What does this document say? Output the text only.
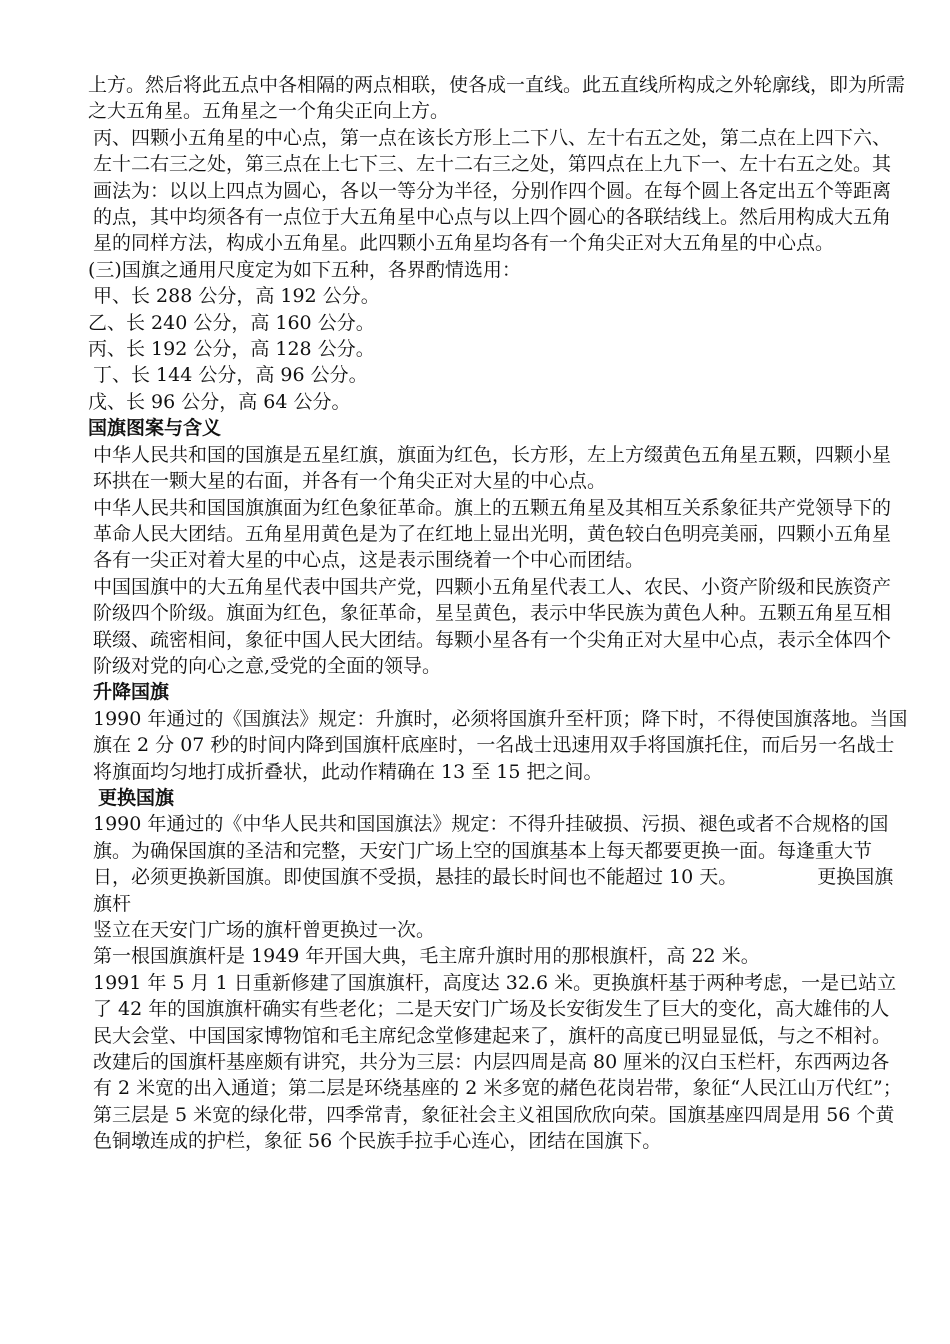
上方。然后将此五点中各相隔的两点相联，使各成一直线。此五直线所构成之外轮廓线，即为所需之大五角星。五角星之一个角尖正向上方。

丙、四颗小五角星的中心点，第一点在该长方形上二下八、左十右五之处，第二点在上四下六、左十二右三之处，第三点在上七下三、左十二右三之处，第四点在上九下一、左十右五之处。其画法为：以以上四点为圆心，各以一等分为半径，分别作四个圆。在每个圆上各定出五个等距离的点，其中均须各有一点位于大五角星中心点与以上四个圆心的各联结线上。然后用构成大五角星的同样方法，构成小五角星。此四颗小五角星均各有一个角尖正对大五角星的中心点。

(三)国旗之通用尺度定为如下五种，各界酌情选用：

甲、长 288 公分，高 192 公分。

乙、长 240 公分，高 160 公分。

丙、长 192 公分，高 128 公分。

丁、长 144 公分，高 96 公分。

戊、长 96 公分，高 64 公分。

国旗图案与含义

中华人民共和国的国旗是五星红旗，旗面为红色，长方形，左上方缀黄色五角星五颗，四颗小星环拱在一颗大星的右面，并各有一个角尖正对大星的中心点。

中华人民共和国国旗旗面为红色象征革命。旗上的五颗五角星及其相互关系象征共产党领导下的革命人民大团结。五角星用黄色是为了在红地上显出光明，黄色较白色明亮美丽，四颗小五角星各有一尖正对着大星的中心点，这是表示围绕着一个中心而团结。

中国国旗中的大五角星代表中国共产党，四颗小五角星代表工人、农民、小资产阶级和民族资产阶级四个阶级。旗面为红色，象征革命，星呈黄色，表示中华民族为黄色人种。五颗五角星互相联缀、疏密相间，象征中国人民大团结。每颗小星各有一个尖角正对大星中心点，表示全体四个阶级对党的向心之意,受党的全面的领导。

升降国旗

1990 年通过的《国旗法》规定：升旗时，必须将国旗升至杆顶；降下时，不得使国旗落地。当国旗在 2 分 07 秒的时间内降到国旗杆底座时，一名战士迅速用双手将国旗托住，而后另一名战士将旗面均匀地打成折叠状，此动作精确在 13 至 15 把之间。

更换国旗

1990 年通过的《中华人民共和国国旗法》规定：不得升挂破损、污损、褪色或者不合规格的国旗。为确保国旗的圣洁和完整，天安门广场上空的国旗基本上每天都要更换一面。每逢重大节日，必须更换新国旗。即使国旗不受损，悬挂的最长时间也不能超过 10 天。	更换国旗旗杆

竖立在天安门广场的旗杆曾更换过一次。

第一根国旗旗杆是 1949 年开国大典，毛主席升旗时用的那根旗杆，高 22 米。

1991 年 5 月 1 日重新修建了国旗旗杆，高度达 32.6 米。更换旗杆基于两种考虑，一是已站立了 42 年的国旗旗杆确实有些老化；二是天安门广场及长安街发生了巨大的变化，高大雄伟的人民大会堂、中国国家博物馆和毛主席纪念堂修建起来了，旗杆的高度已明显显低，与之不相衬。

改建后的国旗杆基座颇有讲究，共分为三层：内层四周是高 80 厘米的汉白玉栏杆，东西两边各有 2 米宽的出入通道；第二层是环绕基座的 2 米多宽的赭色花岗岩带，象征“人民江山万代红”；第三层是 5 米宽的绿化带，四季常青，象征社会主义祖国欣欣向荣。国旗基座四周是用 56 个黄色铜墩连成的护栏，象征 56 个民族手拉手心连心，团结在国旗下。
